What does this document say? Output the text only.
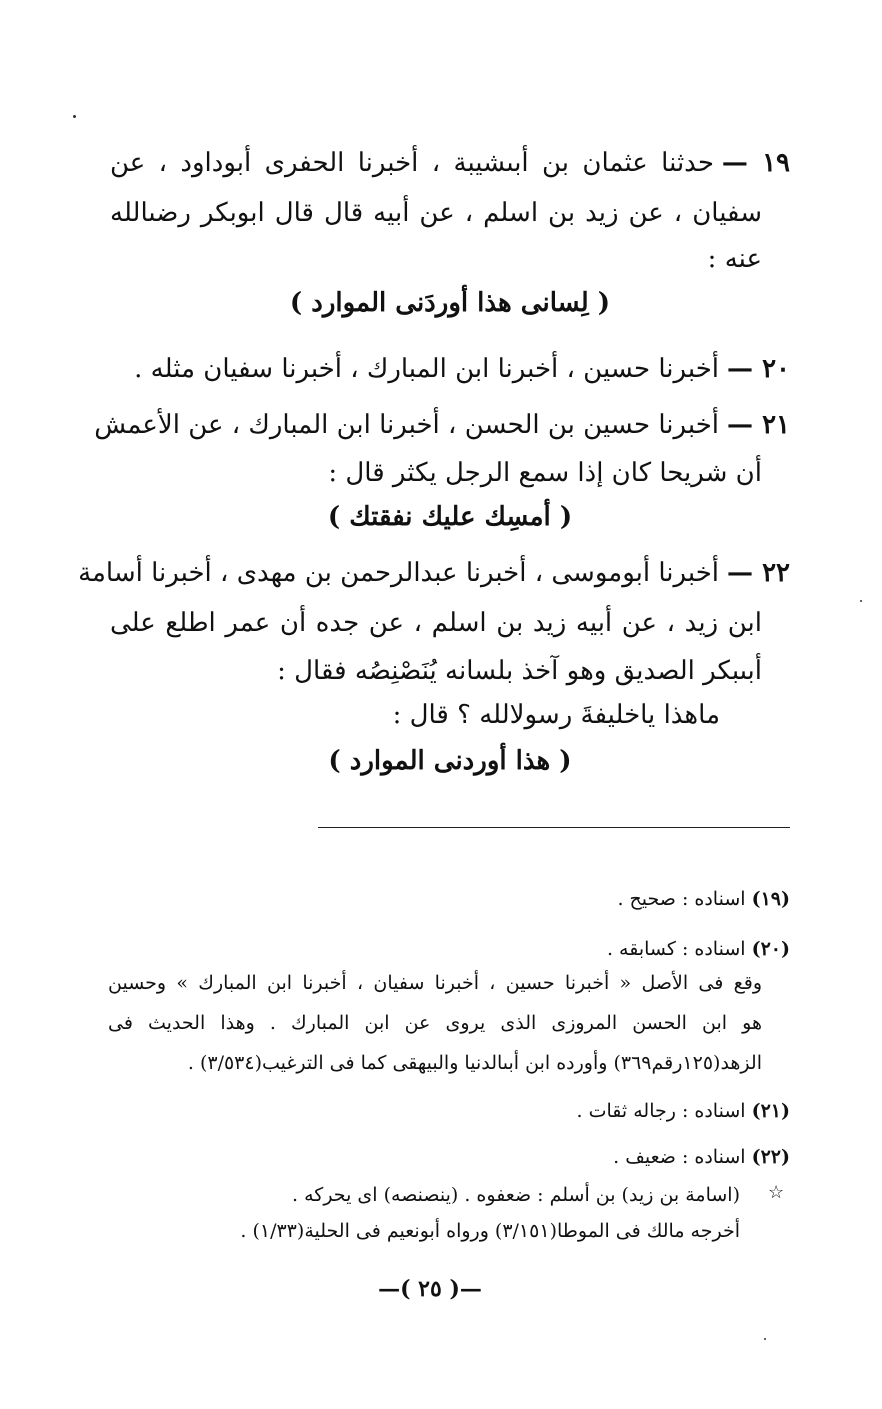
١٩ —حدثنا عثمان بن أبىشيبة ، أخبرنا الحفرى أبوداود ، عن
سفيان ، عن زيد بن اسلم ، عن أبيه قال قال ابوبكر رضىالله
عنه :
( لِسانى هذا أوردَنى الموارد )
٢٠ —أخبرنا حسين ، أخبرنا ابن المبارك ، أخبرنا سفيان مثله .
٢١ —أخبرنا حسين بن الحسن ، أخبرنا ابن المبارك ، عن الأعمش
أن شريحا كان إذا سمع الرجل يكثر قال :
( أمسِك عليك نفقتك )
٢٢ —أخبرنا أبوموسى ، أخبرنا عبدالرحمن بن مهدى ، أخبرنا أسامة
ابن زيد ، عن أبيه زيد بن اسلم ، عن جده أن عمر اطلع على
أبىبكر الصديق وهو آخذ بلسانه يُنَصْنِصُه فقال :
ماهذا ياخليفةَ رسولالله ؟ قال :
( هذا أوردنى الموارد )
(١٩) اسناده : صحيح .
(٢٠) اسناده : كسابقه .
وقع فى الأصل « أخبرنا حسين ، أخبرنا سفيان ، أخبرنا ابن المبارك » وحسين
هو ابن الحسن المروزى الذى يروى عن ابن المبارك . وهذا الحديث فى
الزهد(١٢٥رقم٣٦٩) وأورده ابن أبىالدنيا والبيهقى كما فى الترغيب(٣/٥٣٤) .
(٢١) اسناده : رجاله ثقات .
(٢٢) اسناده : ضعيف .
☆
(اسامة بن زيد) بن أسلم : ضعفوه . (ينصنصه) اى يحركه .
أخرجه مالك فى الموطا(٣/١٥١) ورواه أبونعيم فى الحلية(١/٣٣) .
—( ٢٥ )—
